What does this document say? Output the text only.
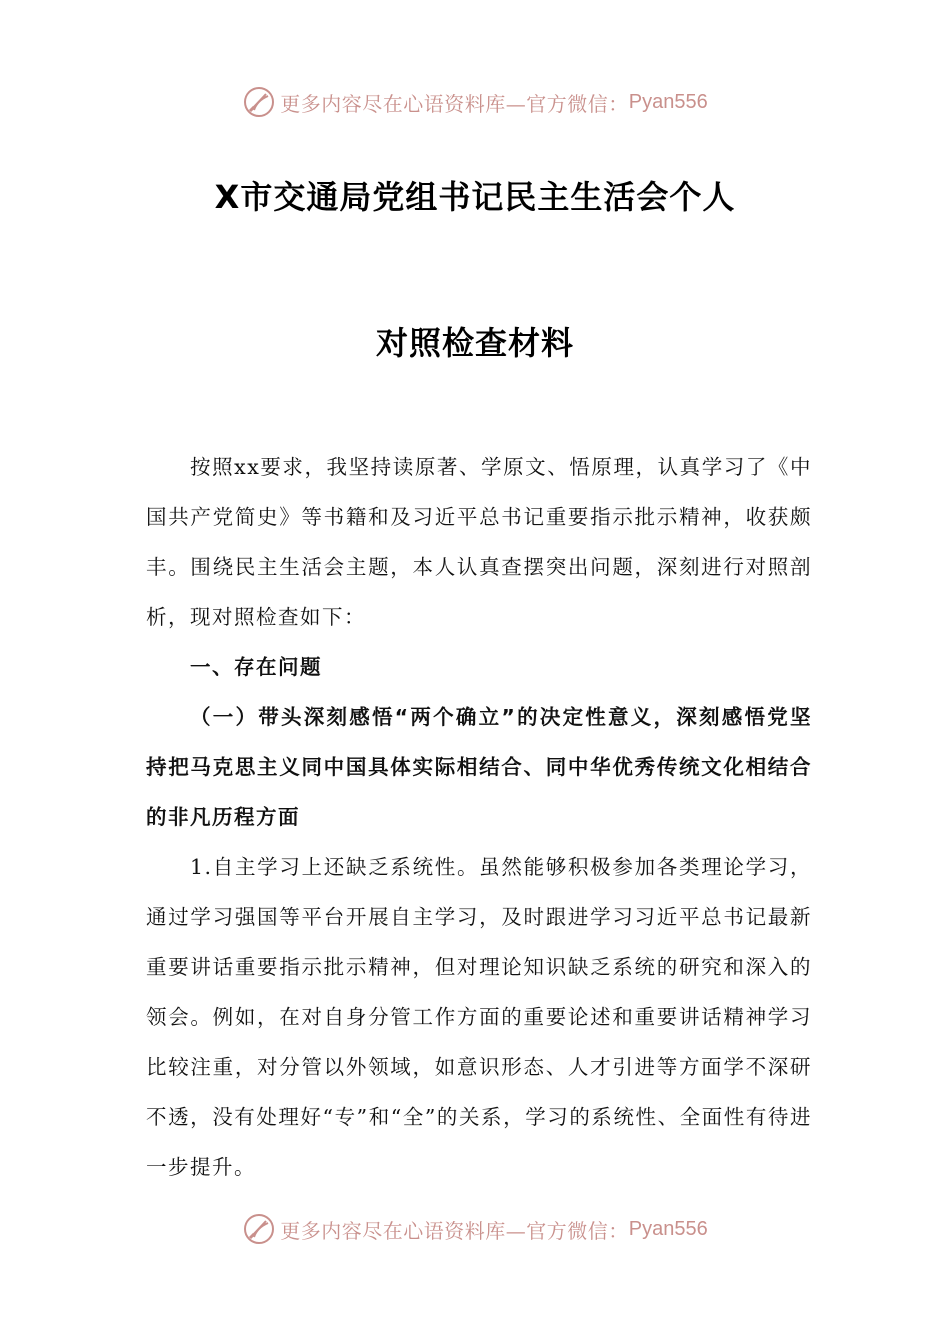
更多内容尽在心语资料库—官方微信： Pyan556
X市交通局党组书记民主生活会个人
对照检查材料

按照xx要求，我坚持读原著、学原文、悟原理，认真学习了《中国共产党简史》等书籍和及习近平总书记重要指示批示精神，收获颇丰。围绕民主生活会主题，本人认真查摆突出问题，深刻进行对照剖析，现对照检查如下：

一、存在问题

（一）带头深刻感悟“两个确立”的决定性意义，深刻感悟党坚持把马克思主义同中国具体实际相结合、同中华优秀传统文化相结合的非凡历程方面

1.自主学习上还缺乏系统性。虽然能够积极参加各类理论学习，通过学习强国等平台开展自主学习，及时跟进学习习近平总书记最新重要讲话重要指示批示精神，但对理论知识缺乏系统的研究和深入的领会。例如，在对自身分管工作方面的重要论述和重要讲话精神学习比较注重，对分管以外领域，如意识形态、人才引进等方面学不深研不透，没有处理好“专”和“全”的关系，学习的系统性、全面性有待进一步提升。

更多内容尽在心语资料库—官方微信： Pyan556
